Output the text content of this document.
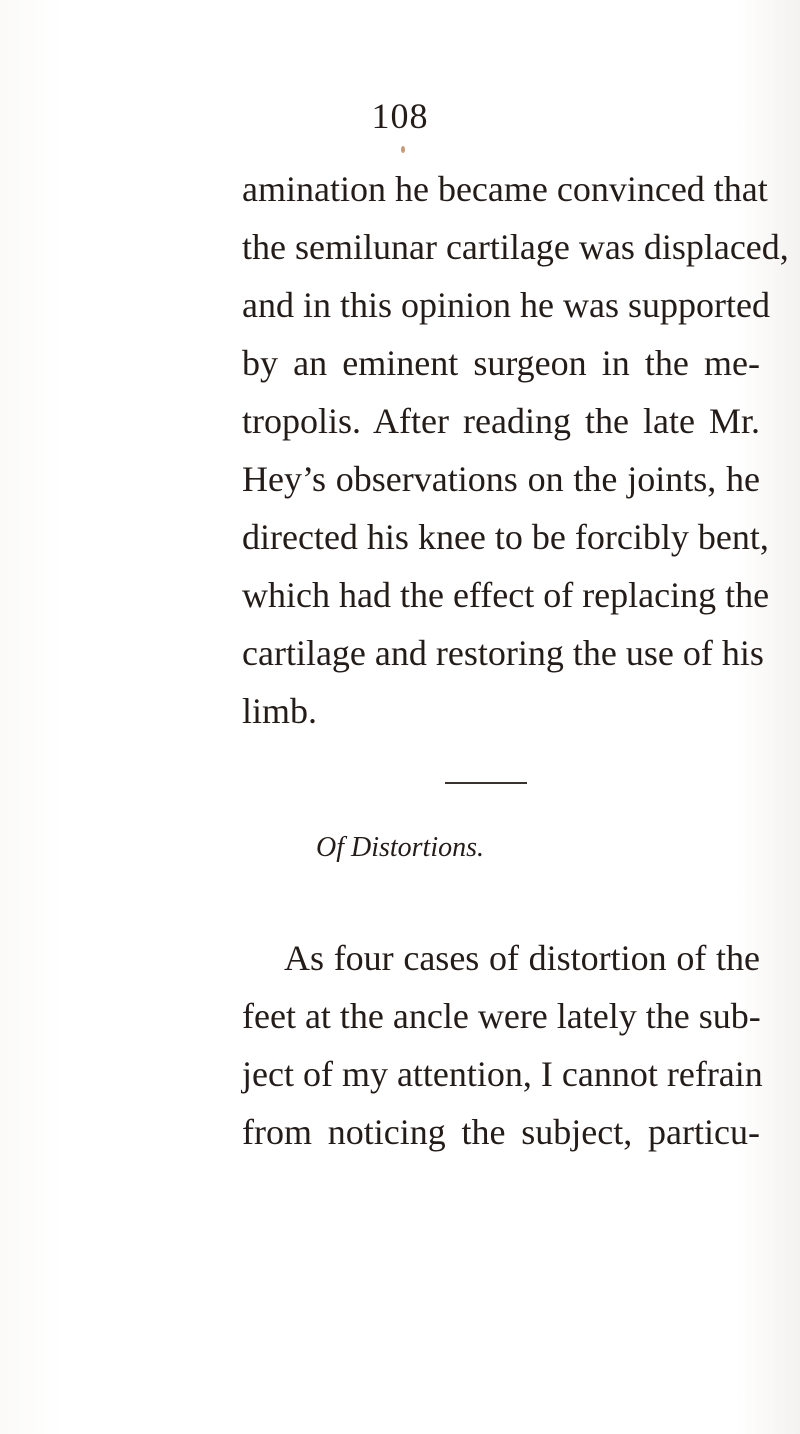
108
amination he became convinced that
the semilunar cartilage was displaced,
and in this opinion he was supported
by an eminent surgeon in the me-
tropolis. After reading the late Mr.
Hey’s observations on the joints, he
directed his knee to be forcibly bent,
which had the effect of replacing the
cartilage and restoring the use of his
limb.
Of Distortions.
As four cases of distortion of the
feet at the ancle were lately the sub-
ject of my attention, I cannot refrain
from noticing the subject, particu-
